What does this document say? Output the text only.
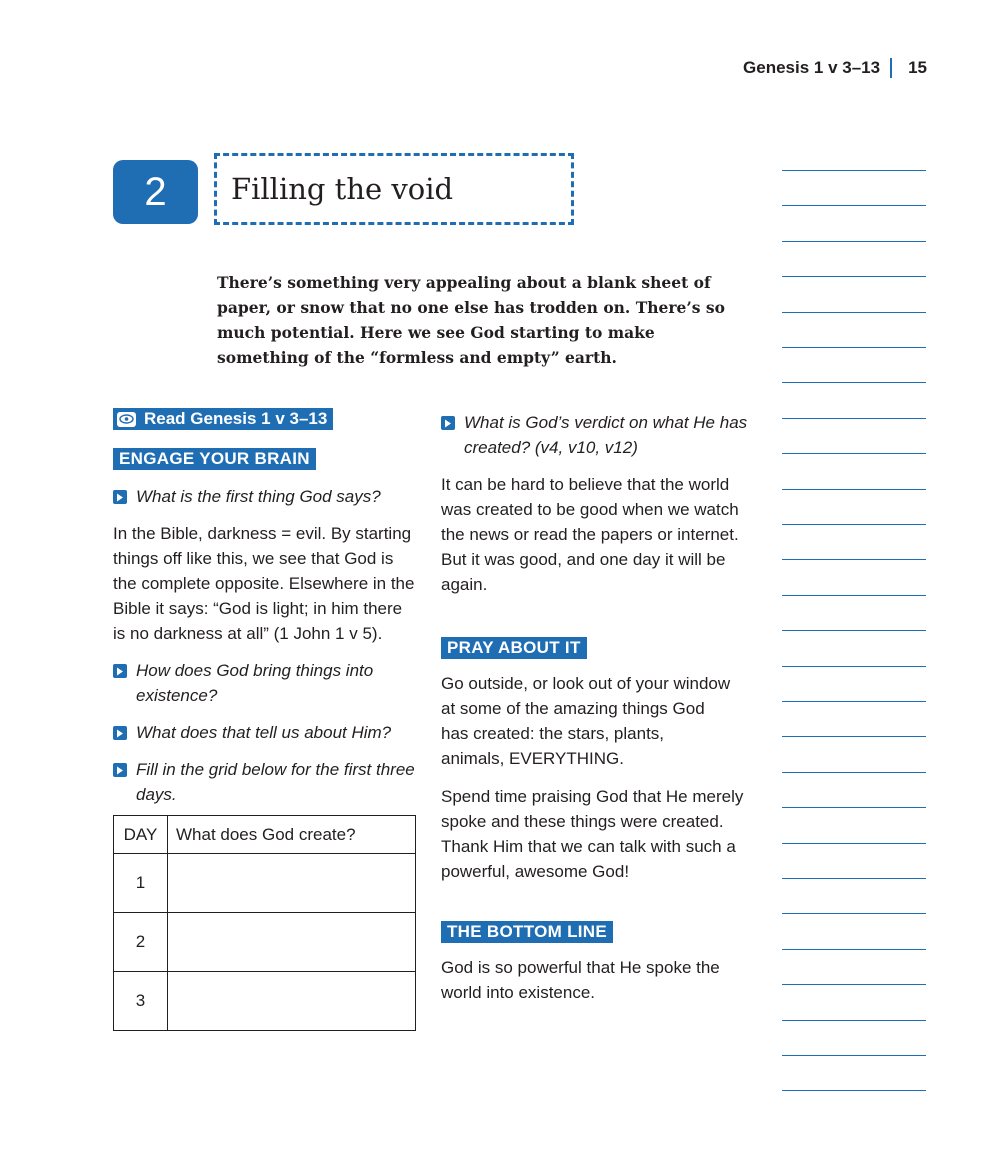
Genesis 1 v 3–13 15
2	Filling the void
There’s something very appealing about a blank sheet of paper, or snow that no one else has trodden on. There’s so much potential. Here we see God starting to make something of the “formless and empty” earth.
Read Genesis 1 v 3–13
ENGAGE YOUR BRAIN
What is the first thing God says?
In the Bible, darkness = evil. By starting things off like this, we see that God is the complete opposite. Elsewhere in the Bible it says: “God is light; in him there is no darkness at all” (1 John 1 v 5).
How does God bring things into existence?
What does that tell us about Him?
Fill in the grid below for the first three days.
DAY	What does God create?
1	
2	
3	
What is God’s verdict on what He has created? (v4, v10, v12)
It can be hard to believe that the world was created to be good when we watch the news or read the papers or internet. But it was good, and one day it will be again.
PRAY ABOUT IT
Go outside, or look out of your window at some of the amazing things God has created: the stars, plants, animals, EVERYTHING.
Spend time praising God that He merely spoke and these things were created. Thank Him that we can talk with such a powerful, awesome God!
THE BOTTOM LINE
God is so powerful that He spoke the world into existence.
